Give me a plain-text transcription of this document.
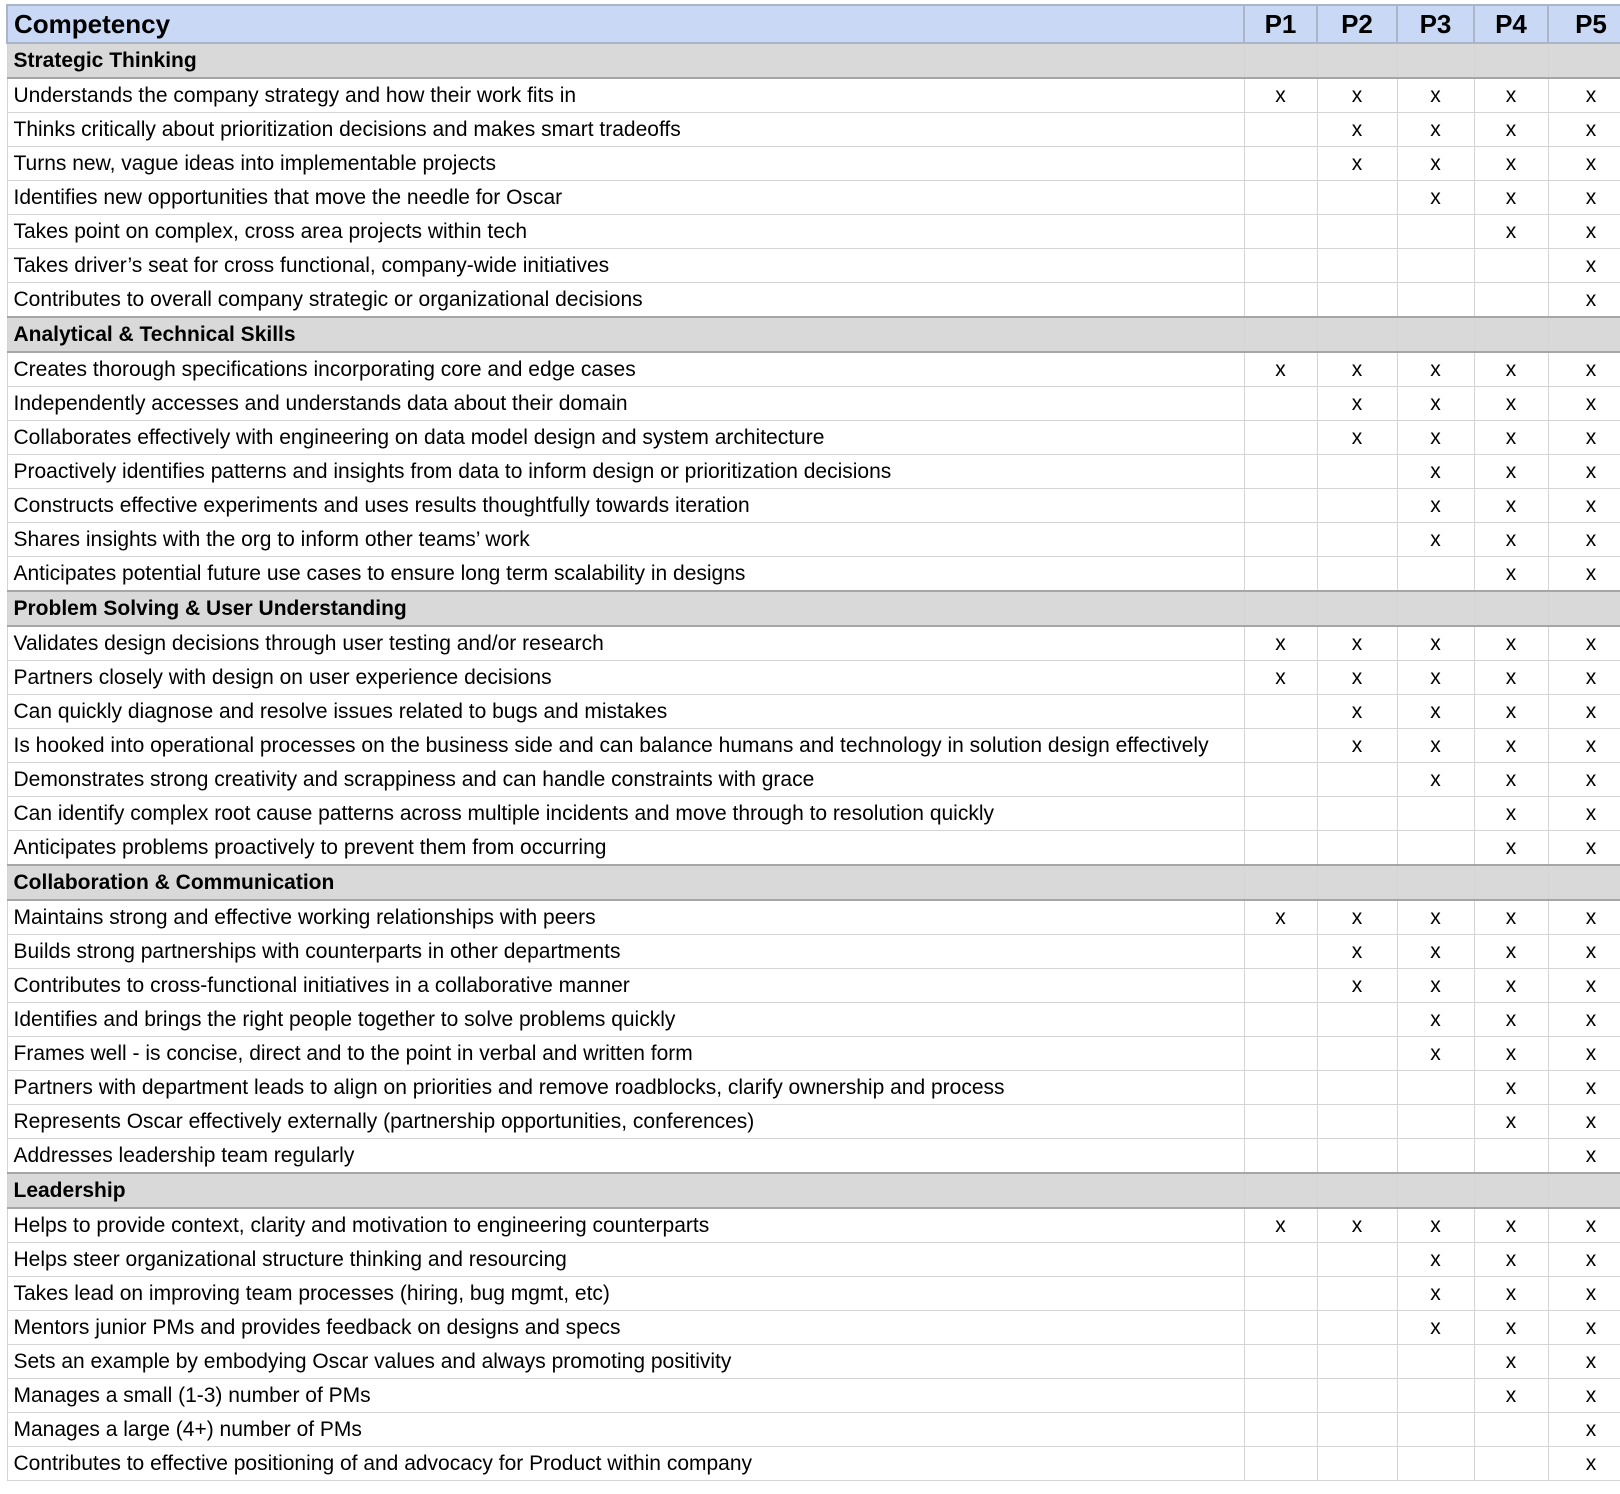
Competency	P1	P2	P3	P4	P5
Strategic Thinking					
Understands the company strategy and how their work fits in	x	x	x	x	x
Thinks critically about prioritization decisions and makes smart tradeoffs		x	x	x	x
Turns new, vague ideas into implementable projects		x	x	x	x
Identifies new opportunities that move the needle for Oscar			x	x	x
Takes point on complex, cross area projects within tech				x	x
Takes driver’s seat for cross functional, company-wide initiatives					x
Contributes to overall company strategic or organizational decisions					x
Analytical & Technical Skills					
Creates thorough specifications incorporating core and edge cases	x	x	x	x	x
Independently accesses and understands data about their domain		x	x	x	x
Collaborates effectively with engineering on data model design and system architecture		x	x	x	x
Proactively identifies patterns and insights from data to inform design or prioritization decisions			x	x	x
Constructs effective experiments and uses results thoughtfully towards iteration			x	x	x
Shares insights with the org to inform other teams’ work			x	x	x
Anticipates potential future use cases to ensure long term scalability in designs				x	x
Problem Solving & User Understanding					
Validates design decisions through user testing and/or research	x	x	x	x	x
Partners closely with design on user experience decisions	x	x	x	x	x
Can quickly diagnose and resolve issues related to bugs and mistakes		x	x	x	x
Is hooked into operational processes on the business side and can balance humans and technology in solution design effectively		x	x	x	x
Demonstrates strong creativity and scrappiness and can handle constraints with grace			x	x	x
Can identify complex root cause patterns across multiple incidents and move through to resolution quickly				x	x
Anticipates problems proactively to prevent them from occurring				x	x
Collaboration & Communication					
Maintains strong and effective working relationships with peers	x	x	x	x	x
Builds strong partnerships with counterparts in other departments		x	x	x	x
Contributes to cross-functional initiatives in a collaborative manner		x	x	x	x
Identifies and brings the right people together to solve problems quickly			x	x	x
Frames well - is concise, direct and to the point in verbal and written form			x	x	x
Partners with department leads to align on priorities and remove roadblocks, clarify ownership and process				x	x
Represents Oscar effectively externally (partnership opportunities, conferences)				x	x
Addresses leadership team regularly					x
Leadership					
Helps to provide context, clarity and motivation to engineering counterparts	x	x	x	x	x
Helps steer organizational structure thinking and resourcing			x	x	x
Takes lead on improving team processes (hiring, bug mgmt, etc)			x	x	x
Mentors junior PMs and provides feedback on designs and specs			x	x	x
Sets an example by embodying Oscar values and always promoting positivity				x	x
Manages a small (1-3) number of PMs				x	x
Manages a large (4+) number of PMs					x
Contributes to effective positioning of and advocacy for Product within company					x
